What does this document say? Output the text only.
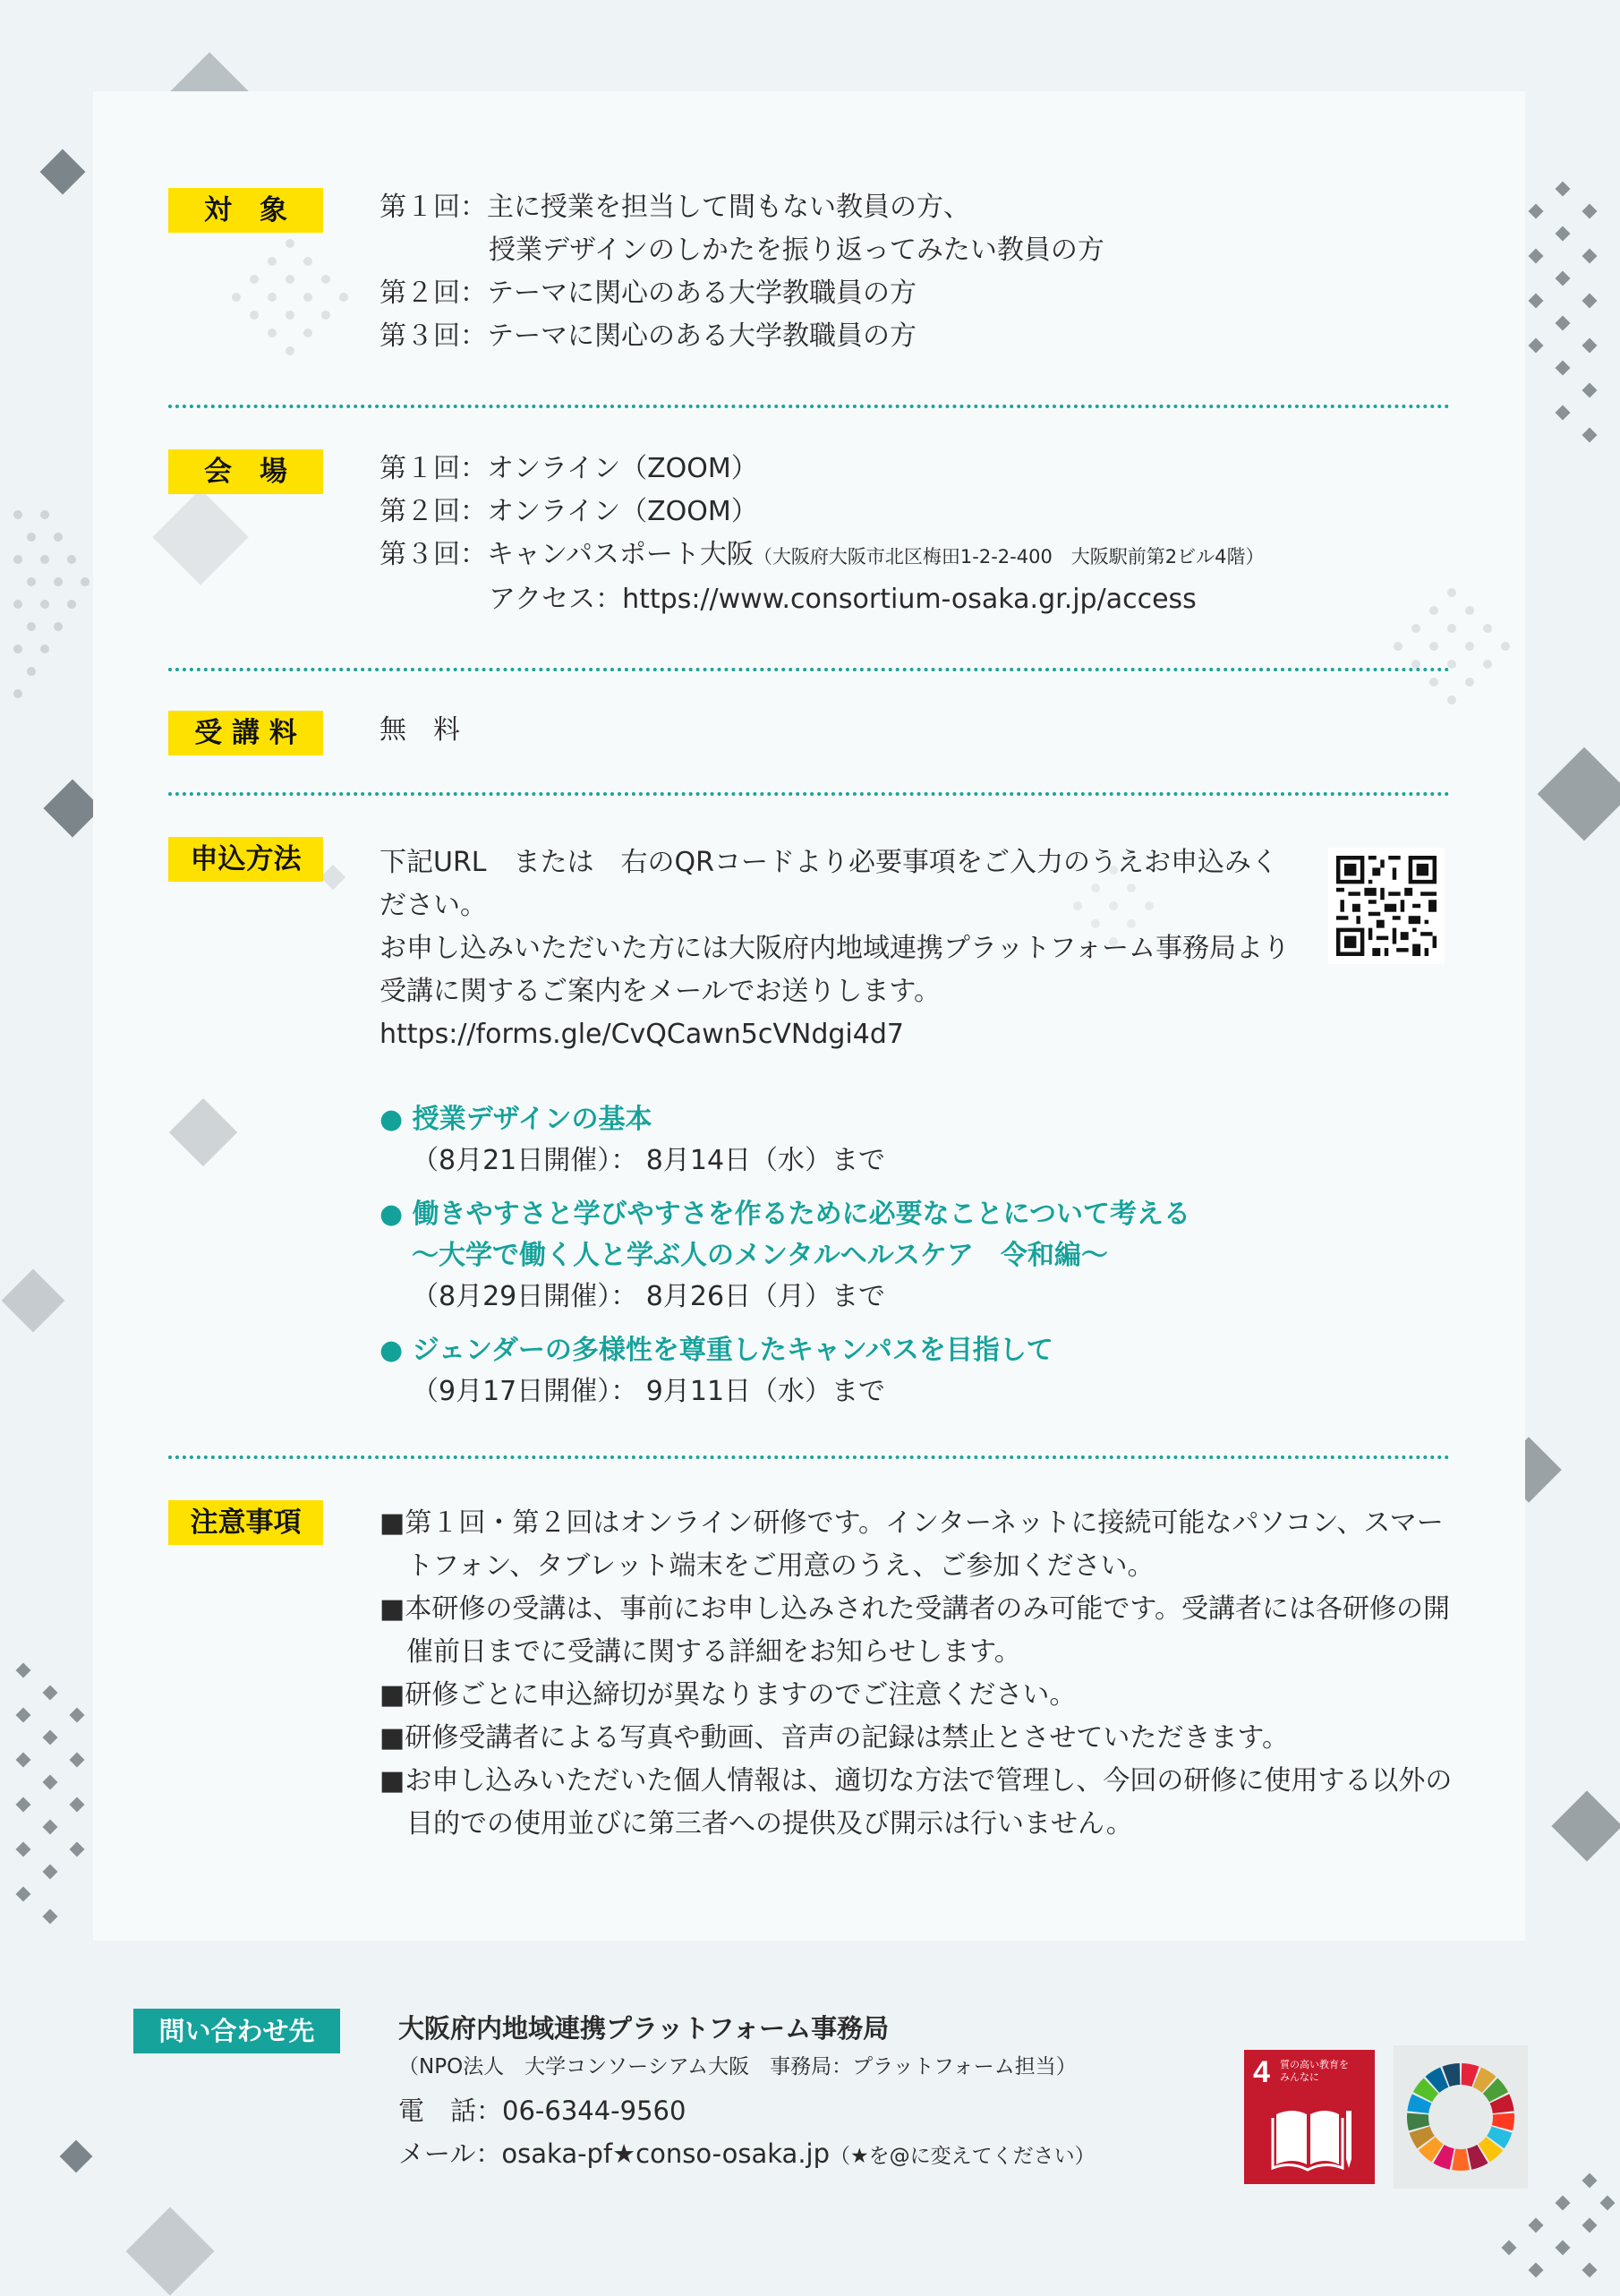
対　象	第１回：主に授業を担当して間もない教員の方、
授業デザインのしかたを振り返ってみたい教員の方
第２回：テーマに関心のある大学教職員の方
第３回：テーマに関心のある大学教職員の方
会　場	第１回：オンライン（ZOOM）
第２回：オンライン（ZOOM）
第３回：キャンパスポート大阪（大阪府大阪市北区梅田1-2-2-400　大阪駅前第2ビル4階）
アクセス：https://www.consortium-osaka.gr.jp/access
受 講 料	無　料
申込方法	下記URL　または　右のQRコードより必要事項をご入力のうえお申込みください。
お申し込みいただいた方には大阪府内地域連携プラットフォーム事務局より
受講に関するご案内をメールでお送りします。
https://forms.gle/CvQCawn5cVNdgi4d7
● 授業デザインの基本
（8月21日開催）： 8月14日（水）まで
● 働きやすさと学びやすさを作るために必要なことについて考える
～大学で働く人と学ぶ人のメンタルヘルスケア　令和編～
（8月29日開催）： 8月26日（月）まで
● ジェンダーの多様性を尊重したキャンパスを目指して
（9月17日開催）： 9月11日（水）まで
注意事項	■第１回・第２回はオンライン研修です。インターネットに接続可能なパソコン、スマートフォン、タブレット端末をご用意のうえ、ご参加ください。
■本研修の受講は、事前にお申し込みされた受講者のみ可能です。受講者には各研修の開催前日までに受講に関する詳細をお知らせします。
■研修ごとに申込締切が異なりますのでご注意ください。
■研修受講者による写真や動画、音声の記録は禁止とさせていただきます。
■お申し込みいただいた個人情報は、適切な方法で管理し、今回の研修に使用する以外の目的での使用並びに第三者への提供及び開示は行いません。
問い合わせ先	大阪府内地域連携プラットフォーム事務局
（NPO法人　大学コンソーシアム大阪　事務局：プラットフォーム担当）
電　話：06-6344-9560
メール：osaka-pf★conso-osaka.jp（★を@に変えてください）
4 質の高い教育を
みんなに
